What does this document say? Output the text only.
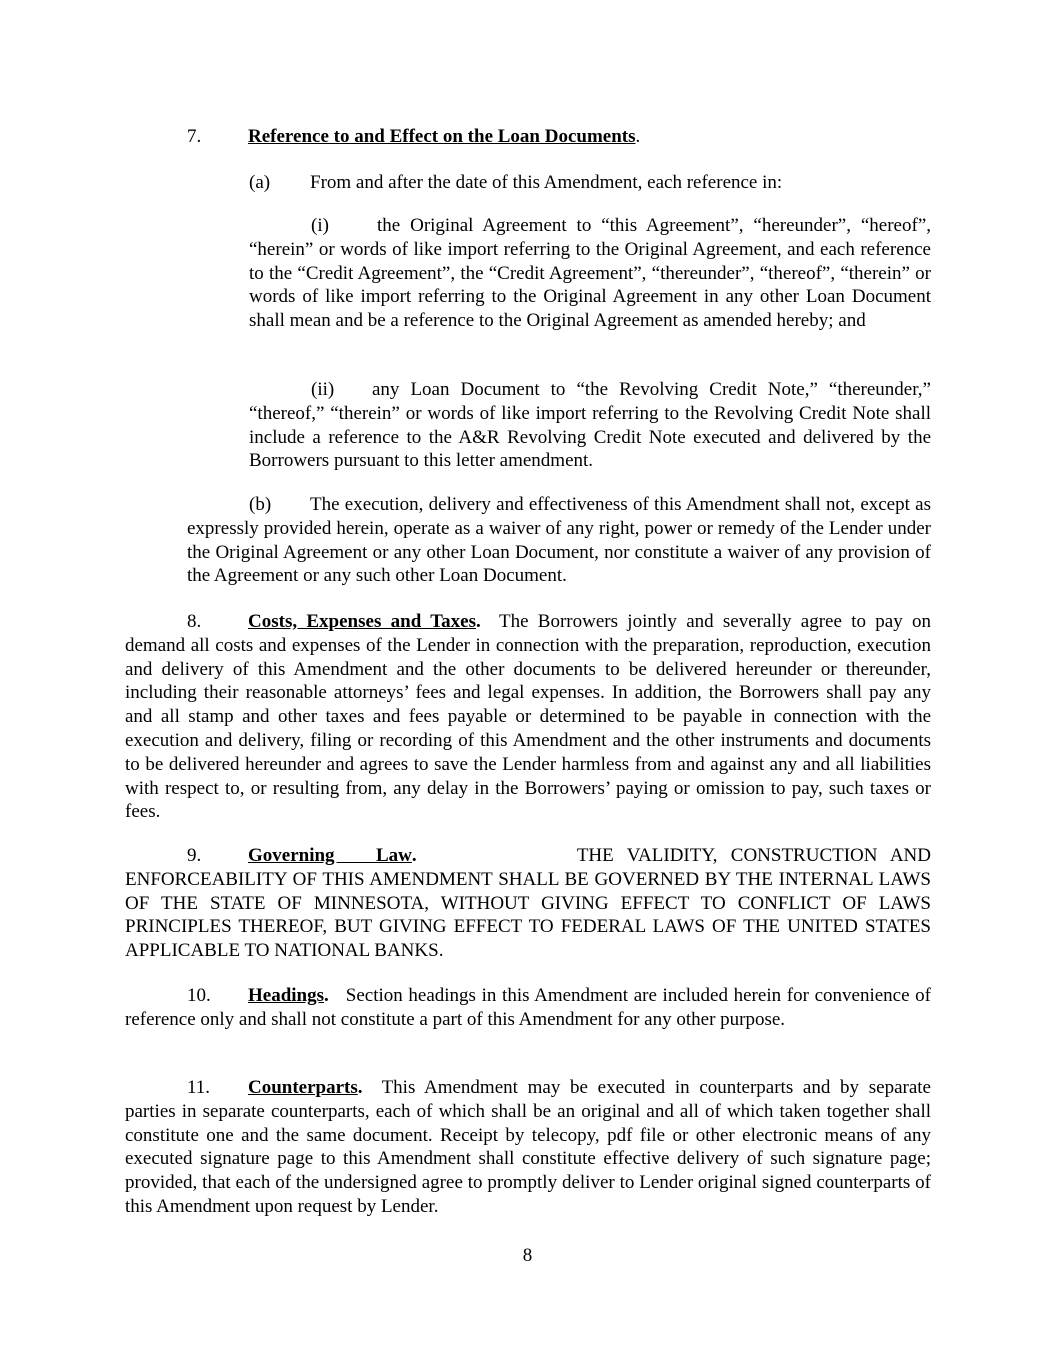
7. Reference to and Effect on the Loan Documents.

(a) From and after the date of this Amendment, each reference in:

(i)	the Original Agreement to “this Agreement”, “hereunder”, “hereof”, “herein” or words of like import referring to the Original Agreement, and each reference to the “Credit Agreement”, the “Credit Agreement”, “thereunder”, “thereof”, “therein” or words of like import referring to the Original Agreement in any other Loan Document shall mean and be a reference to the Original Agreement as amended hereby; and

(ii) any Loan Document to “the Revolving Credit Note,” “thereunder,” “thereof,” “therein” or words of like import referring to the Revolving Credit Note shall include a reference to the A&R Revolving Credit Note executed and delivered by the Borrowers pursuant to this letter amendment.

(b) The execution, delivery and effectiveness of this Amendment shall not, except as expressly provided herein, operate as a waiver of any right, power or remedy of the Lender under the Original Agreement or any other Loan Document, nor constitute a waiver of any provision of the Agreement or any such other Loan Document.

8. Costs, Expenses and Taxes. The Borrowers jointly and severally agree to pay on demand all costs and expenses of the Lender in connection with the preparation, reproduction, execution and delivery of this Amendment and the other documents to be delivered hereunder or thereunder, including their reasonable attorneys’ fees and legal expenses. In addition, the Borrowers shall pay any and all stamp and other taxes and fees payable or determined to be payable in connection with the execution and delivery, filing or recording of this Amendment and the other instruments and documents to be delivered hereunder and agrees to save the Lender harmless from and against any and all liabilities with respect to, or resulting from, any delay in the Borrowers’ paying or omission to pay, such taxes or fees.

9. Governing Law.	THE VALIDITY, CONSTRUCTION AND ENFORCEABILITY OF THIS AMENDMENT SHALL BE GOVERNED BY THE INTERNAL LAWS OF THE STATE OF MINNESOTA, WITHOUT GIVING EFFECT TO CONFLICT OF LAWS PRINCIPLES THEREOF, BUT GIVING EFFECT TO FEDERAL LAWS OF THE UNITED STATES APPLICABLE TO NATIONAL BANKS.

10. Headings. Section headings in this Amendment are included herein for convenience of reference only and shall not constitute a part of this Amendment for any other purpose.

11. Counterparts. This Amendment may be executed in counterparts and by separate parties in separate counterparts, each of which shall be an original and all of which taken together shall constitute one and the same document. Receipt by telecopy, pdf file or other electronic means of any executed signature page to this Amendment shall constitute effective delivery of such signature page; provided, that each of the undersigned agree to promptly deliver to Lender original signed counterparts of this Amendment upon request by Lender.

8
